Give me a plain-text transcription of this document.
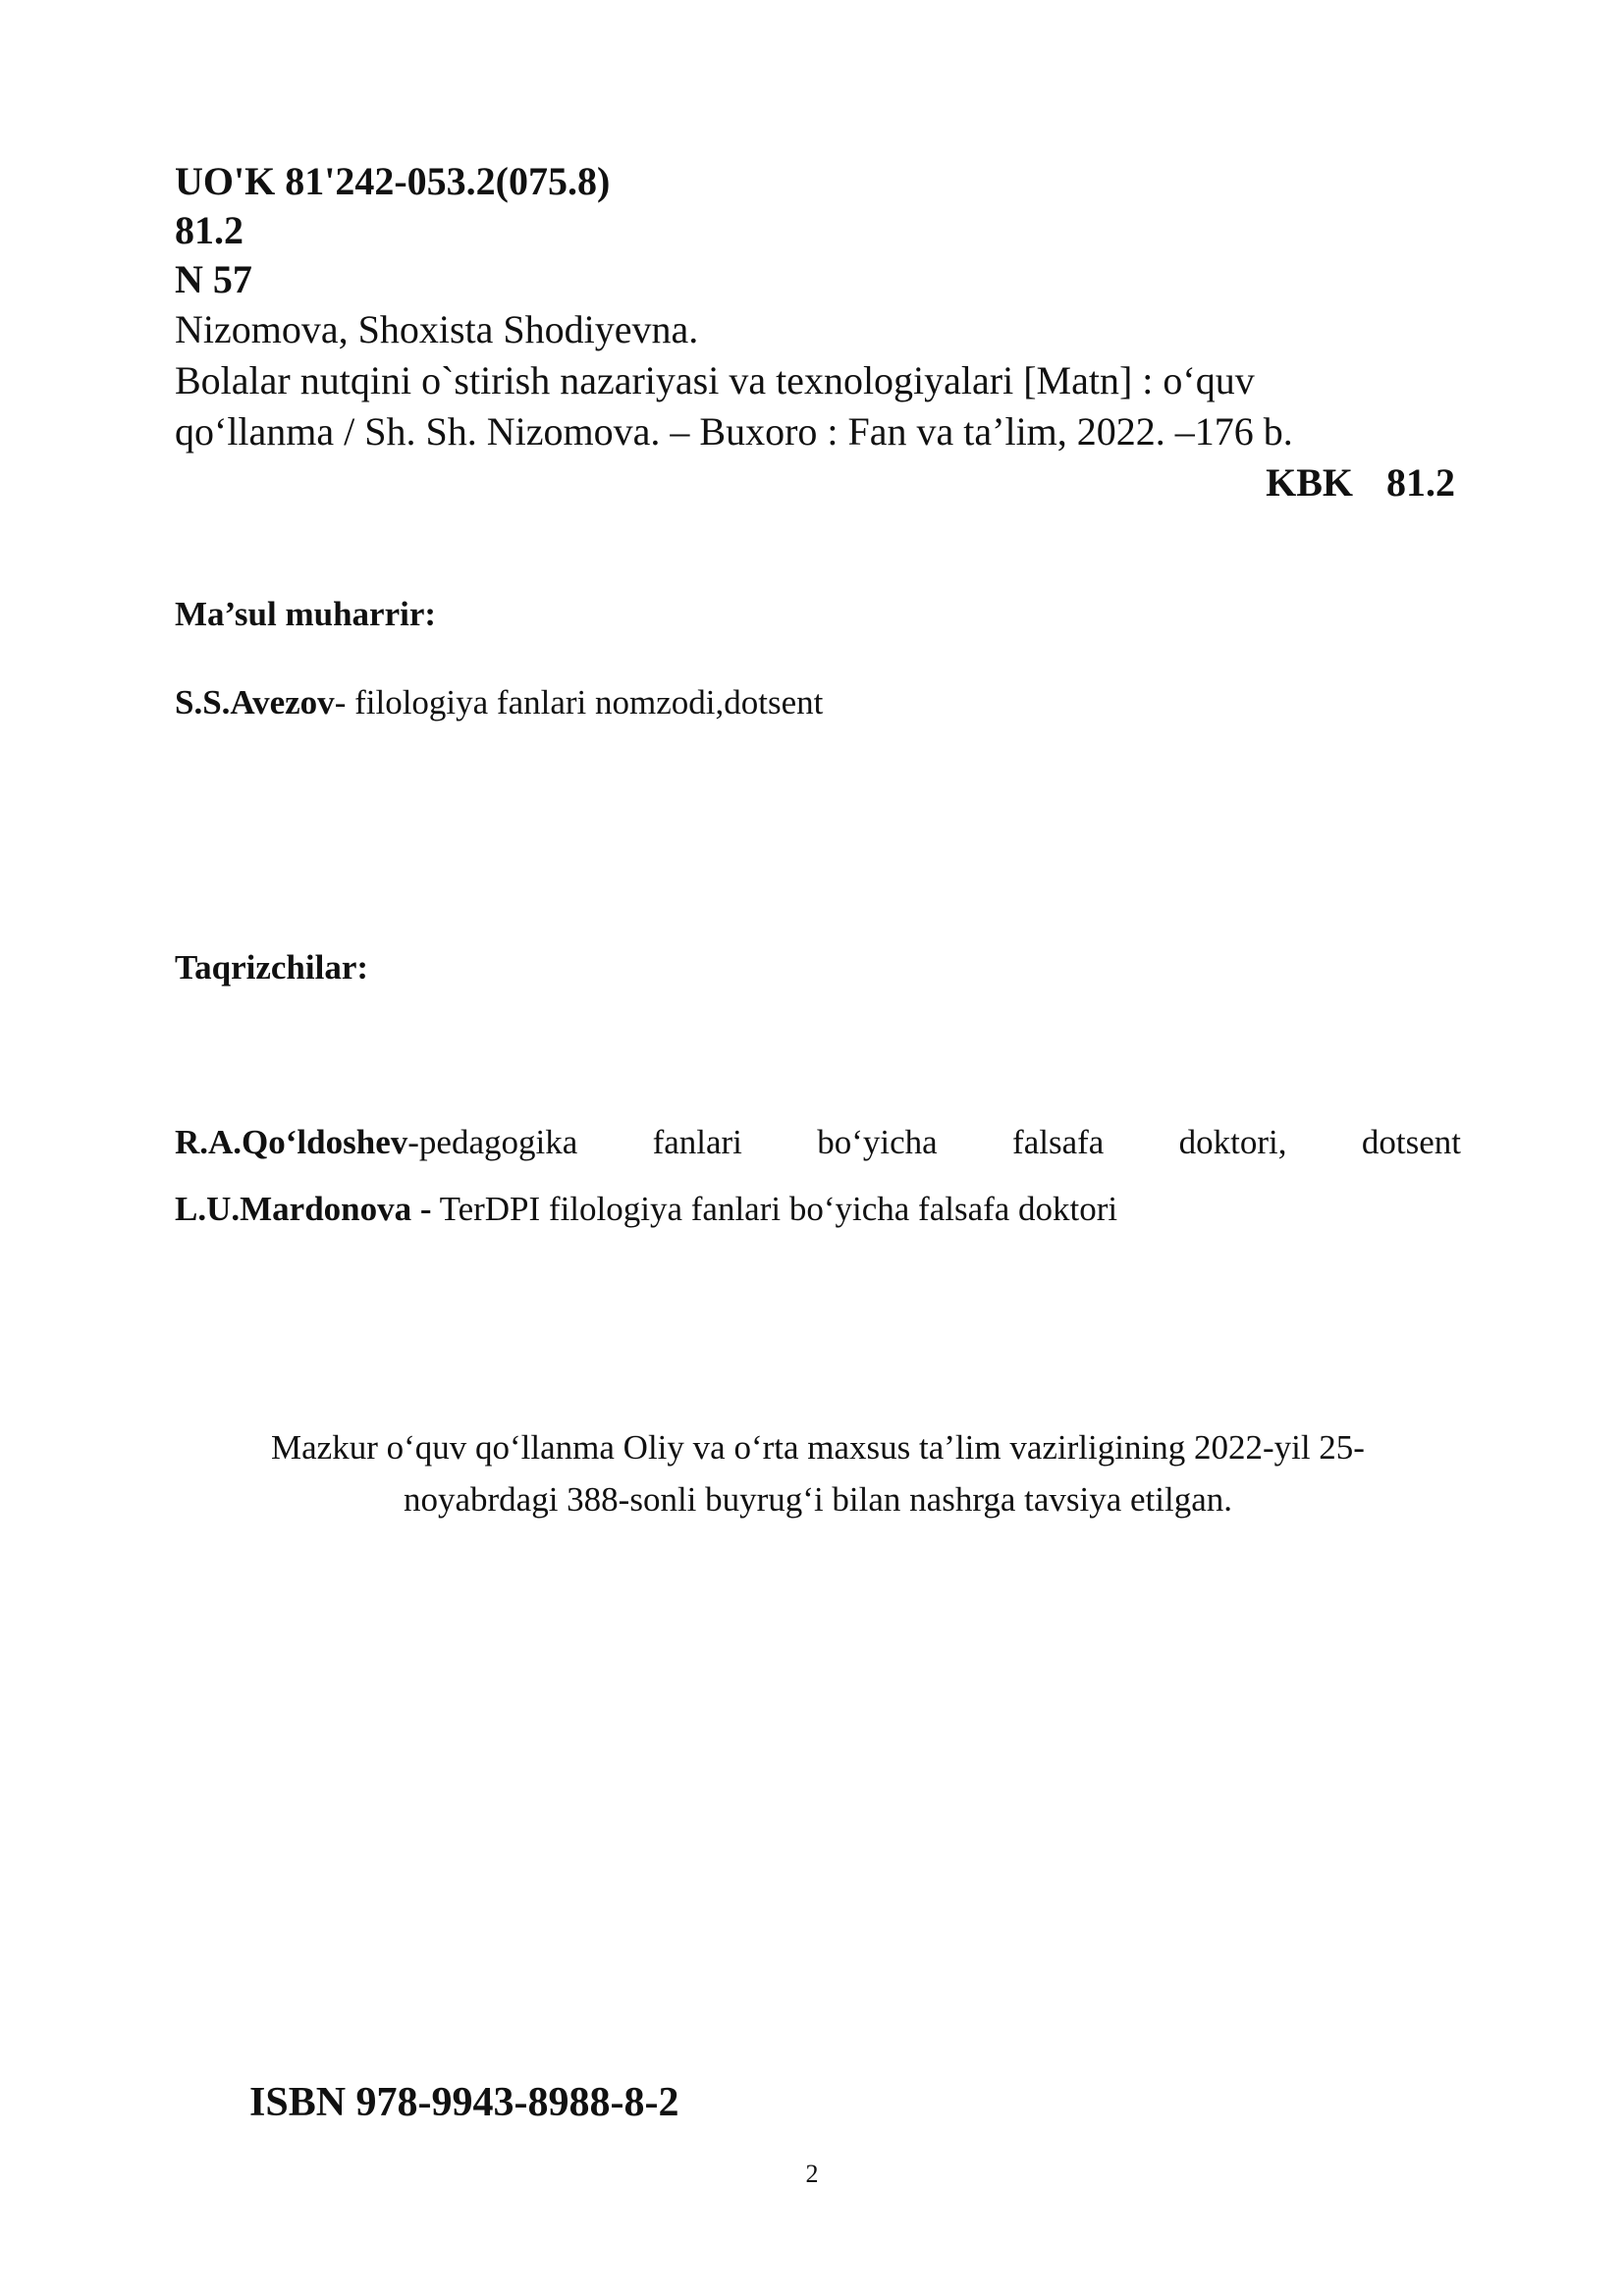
UO'K 81'242-053.2(075.8)
81.2
N 57
Nizomova, Shoxista Shodiyevna.
Bolalar nutqini o`stirish nazariyasi va texnologiyalari [Matn] : o‘quv
qo‘llanma / Sh. Sh. Nizomova. – Buxoro : Fan va ta’lim, 2022. –176 b.
KBK 81.2
Ma’sul muharrir:
S.S.Avezov- filologiya fanlari nomzodi,dotsent
Taqrizchilar:
R.A.Qo‘ldoshev-pedagogika fanlari bo‘yicha falsafa doktori, dotsent
L.U.Mardonova - TerDPI filologiya fanlari bo‘yicha falsafa doktori
Mazkur o‘quv qo‘llanma Oliy va o‘rta maxsus ta’lim vazirligining 2022-yil 25-
noyabrdagi 388-sonli buyrug‘i bilan nashrga tavsiya etilgan.
ISBN 978-9943-8988-8-2
2
